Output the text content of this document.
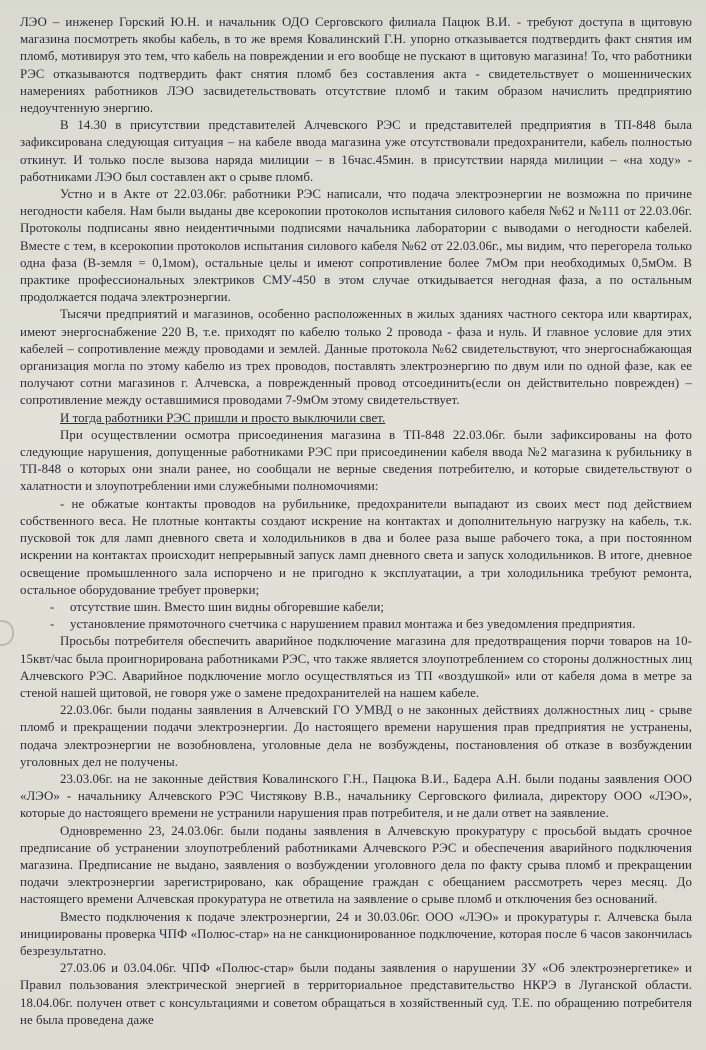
ЛЭО – инженер Горский Ю.Н. и начальник ОДО Серговского филиала Пацюк В.И. - требуют доступа в щитовую магазина посмотреть якобы кабель, в то же время Ковалинский Г.Н. упорно отказывается подтвердить факт снятия им пломб, мотивируя это тем, что кабель на повреждении и его вообще не пускают в щитовую магазина! То, что работники РЭС отказываются подтвердить факт снятия пломб без составления акта - свидетельствует о мошеннических намерениях работников ЛЭО засвидетельствовать отсутствие пломб и таким образом начислить предприятию недоучтенную энергию.

В 14.30 в присутствии представителей Алчевского РЭС и представителей предприятия в ТП-848 была зафиксирована следующая ситуация – на кабеле ввода магазина уже отсутствовали предохранители, кабель полностью откинут. И только после вызова наряда милиции – в 16час.45мин. в присутствии наряда милиции – «на ходу» - работниками ЛЭО был составлен акт о срыве пломб.

Устно и в Акте от 22.03.06г. работники РЭС написали, что подача электроэнергии не возможна по причине негодности кабеля. Нам были выданы две ксерокопии протоколов испытания силового кабеля №62 и №111 от 22.03.06г. Протоколы подписаны явно неидентичными подписями начальника лаборатории с выводами о негодности кабелей. Вместе с тем, в ксерокопии протоколов испытания силового кабеля №62 от 22.03.06г., мы видим, что перегорела только одна фаза (В-земля = 0,1мом), остальные целы и имеют сопротивление более 7мОм при необходимых 0,5мОм. В практике профессиональных электриков СМУ-450 в этом случае откидывается негодная фаза, а по остальным продолжается подача электроэнергии.

Тысячи предприятий и магазинов, особенно расположенных в жилых зданиях частного сектора или квартирах, имеют энергоснабжение 220 В, т.е. приходят по кабелю только 2 провода - фаза и нуль. И главное условие для этих кабелей – сопротивление между проводами и землей. Данные протокола №62 свидетельствуют, что энергоснабжающая организация могла по этому кабелю из трех проводов, поставлять электроэнергию по двум или по одной фазе, как ее получают сотни магазинов г. Алчевска, а поврежденный провод отсоединить(если он действительно поврежден) – сопротивление между оставшимися проводами 7-9мОм этому свидетельствует.

И тогда работники РЭС пришли и просто выключили свет.

При осуществлении осмотра присоединения магазина в ТП-848 22.03.06г. были зафиксированы на фото следующие нарушения, допущенные работниками РЭС при присоединении кабеля ввода №2 магазина к рубильнику в ТП-848 о которых они знали ранее, но сообщали не верные сведения потребителю, и которые свидетельствуют о халатности и злоупотреблении ими служебными полномочиями:

- не обжатые контакты проводов на рубильнике, предохранители выпадают из своих мест под действием собственного веса. Не плотные контакты создают искрение на контактах и дополнительную нагрузку на кабель, т.к. пусковой ток для ламп дневного света и холодильников в два и более раза выше рабочего тока, а при постоянном искрении на контактах происходит непрерывный запуск ламп дневного света и запуск холодильников. В итоге, дневное освещение промышленного зала испорчено и не пригодно к эксплуатации, а три холодильника требуют ремонта, остальное оборудование требует проверки;

- отсутствие шин. Вместо шин видны обгоревшие кабели;

- установление прямоточного счетчика с нарушением правил монтажа и без уведомления предприятия.

Просьбы потребителя обеспечить аварийное подключение магазина для предотвращения порчи товаров на 10-15квт/час была проигнорирована работниками РЭС, что также является злоупотреблением со стороны должностных лиц Алчевского РЭС. Аварийное подключение могло осуществляться из ТП «воздушкой» или от кабеля дома в метре за стеной нашей щитовой, не говоря уже о замене предохранителей на нашем кабеле.

22.03.06г. были поданы заявления в Алчевский ГО УМВД о не законных действиях должностных лиц - срыве пломб и прекращении подачи электроэнергии. До настоящего времени нарушения прав предприятия не устранены, подача электроэнергии не возобновлена, уголовные дела не возбуждены, постановления об отказе в возбуждении уголовных дел не получены.

23.03.06г. на не законные действия Ковалинского Г.Н., Пацюка В.И., Бадера А.Н. были поданы заявления ООО «ЛЭО» - начальнику Алчевского РЭС Чистякову В.В., начальнику Серговского филиала, директору ООО «ЛЭО», которые до настоящего времени не устранили нарушения прав потребителя, и не дали ответ на заявление.

Одновременно 23, 24.03.06г. были поданы заявления в Алчевскую прокуратуру с просьбой выдать срочное предписание об устранении злоупотреблений работниками Алчевского РЭС и обеспечения аварийного подключения магазина. Предписание не выдано, заявления о возбуждении уголовного дела по факту срыва пломб и прекращении подачи электроэнергии зарегистрировано, как обращение граждан с обещанием рассмотреть через месяц. До настоящего времени Алчевская прокуратура не ответила на заявление о срыве пломб и отключения без оснований.

Вместо подключения к подаче электроэнергии, 24 и 30.03.06г. ООО «ЛЭО» и прокуратуры г. Алчевска была инициированы проверка ЧПФ «Полюс-стар» на не санкционированное подключение, которая после 6 часов закончилась безрезультатно.

27.03.06 и 03.04.06г. ЧПФ «Полюс-стар» были поданы заявления о нарушении ЗУ «Об электроэнергетике» и Правил пользования электрической энергией в территориальное представительство НКРЭ в Луганской области. 18.04.06г. получен ответ с консультациями и советом обращаться в хозяйственный суд. Т.Е. по обращению потребителя не была проведена даже
